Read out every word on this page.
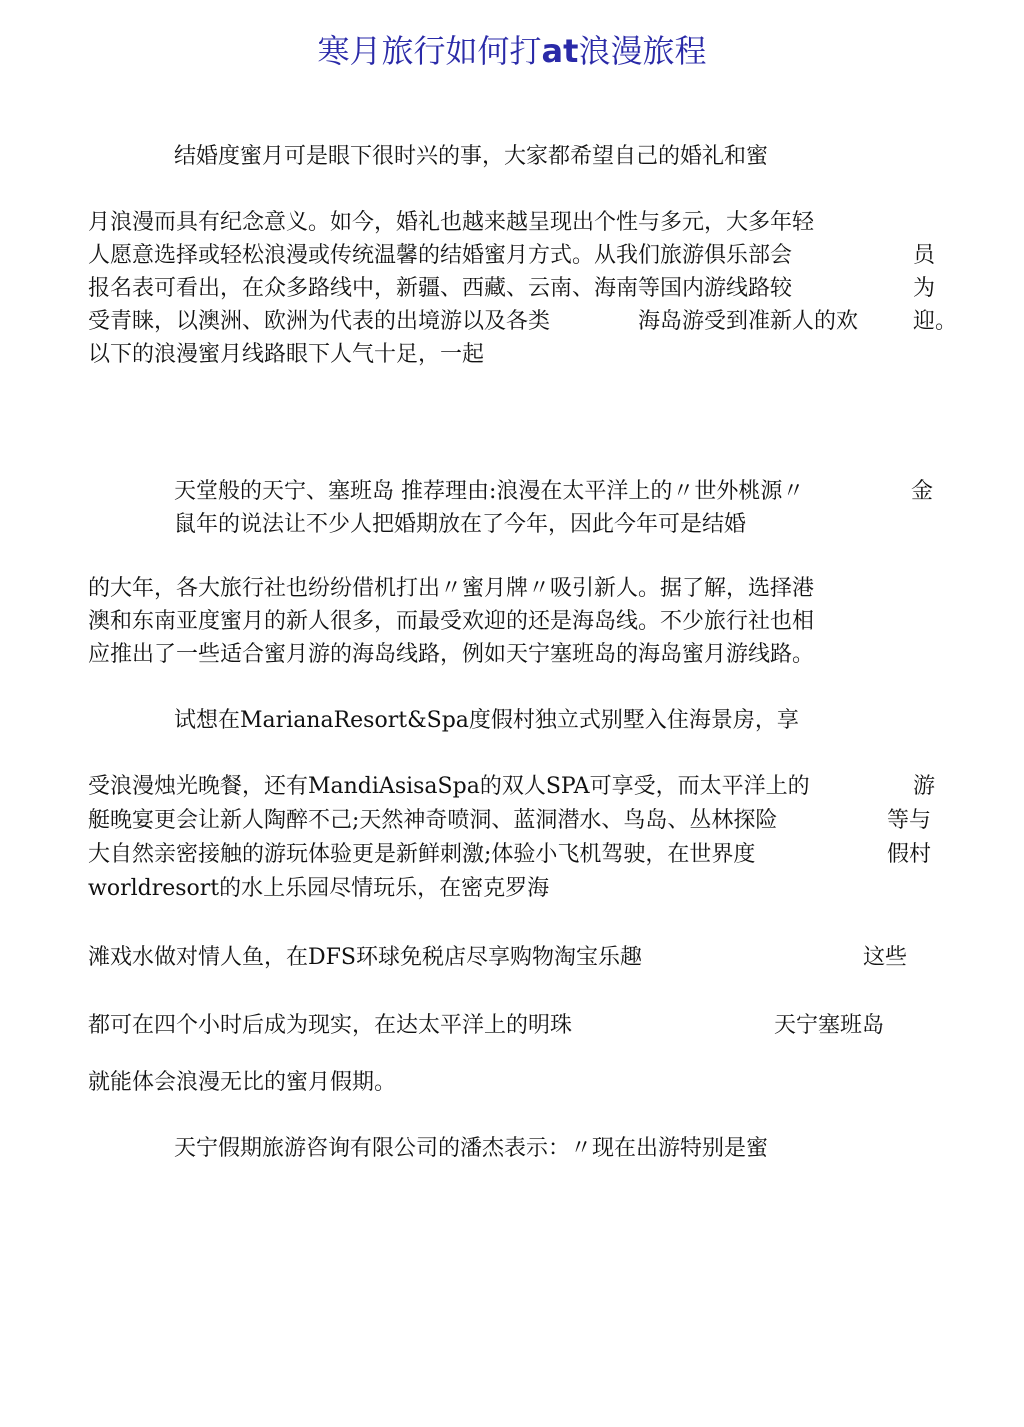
寒月旅行如何打at浪漫旅程
结婚度蜜月可是眼下很时兴的事，大家都希望自己的婚礼和蜜
月浪漫而具有纪念意义。如今，婚礼也越来越呈现出个性与多元，大多年轻
人愿意选择或轻松浪漫或传统温馨的结婚蜜月方式。从我们旅游俱乐部会	员
报名表可看出，在众多路线中，新疆、西藏、云南、海南等国内游线路较	为
受青睐，以澳洲、欧洲为代表的出境游以及各类	海岛游受到准新人的欢 迎。
以下的浪漫蜜月线路眼下人气十足，一起
天堂般的天宁、塞班岛 推荐理由:浪漫在太平洋上的〃世外桃源〃	金
鼠年的说法让不少人把婚期放在了今年，因此今年可是结婚
的大年，各大旅行社也纷纷借机打出〃蜜月牌〃吸引新人。据了解，选择港
澳和东南亚度蜜月的新人很多，而最受欢迎的还是海岛线。不少旅行社也相
应推出了一些适合蜜月游的海岛线路，例如天宁塞班岛的海岛蜜月游线路。
试想在MarianaResort&Spa度假村独立式别墅入住海景房，享
受浪漫烛光晚餐，还有MandiAsisaSpa的双人SPA可享受，而太平洋上的	游
艇晚宴更会让新人陶醉不己;天然神奇喷洞、蓝洞潜水、鸟岛、丛林探险	等与
大自然亲密接触的游玩体验更是新鲜刺激;体验小飞机驾驶，在世界度	假村
worldresort的水上乐园尽情玩乐，在密克罗海
滩戏水做对情人鱼，在DFS环球免税店尽享购物淘宝乐趣	这些
都可在四个小时后成为现实，在达太平洋上的明珠	天宁塞班岛
就能体会浪漫无比的蜜月假期。
天宁假期旅游咨询有限公司的潘杰表示：〃现在出游特别是蜜
